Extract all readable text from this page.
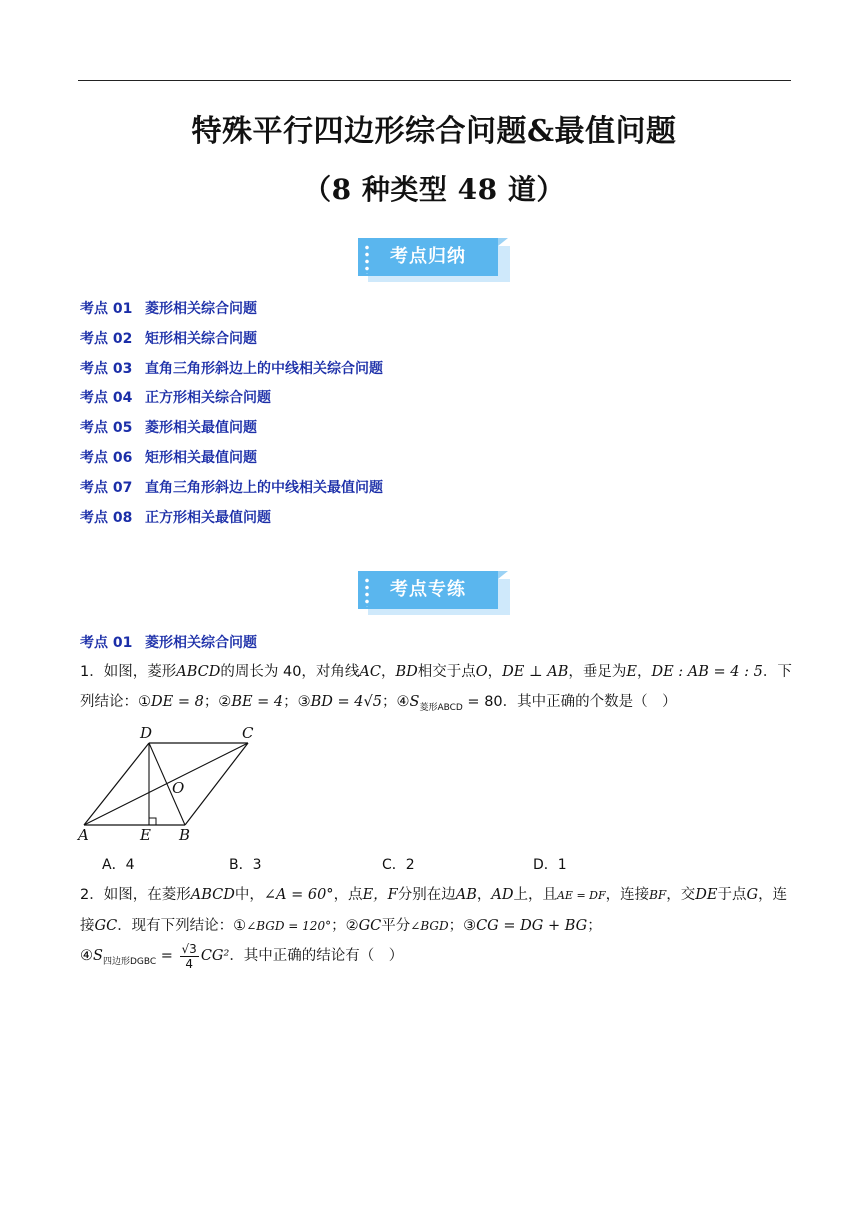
特殊平行四边形综合问题&最值问题
（8 种类型 48 道）
考点归纳
考点 01 菱形相关综合问题
考点 02 矩形相关综合问题
考点 03 直角三角形斜边上的中线相关综合问题
考点 04 正方形相关综合问题
考点 05 菱形相关最值问题
考点 06 矩形相关最值问题
考点 07 直角三角形斜边上的中线相关最值问题
考点 08 正方形相关最值问题
考点专练
考点 01 菱形相关综合问题
1．如图，菱形ABCD的周长为 40，对角线AC，BD相交于点O，DE ⊥ AB，垂足为E，DE : AB = 4 : 5．下列结论：①DE = 8；②BE = 4；③BD = 4√5；$④S_{菱形ABCD} = 80$．其中正确的个数是（　）
D	C
O
A	E B
A．4	B．3	C．2	D．1
2．如图，在菱形ABCD中，∠A = 60°，点E，F分别在边AB，AD上，且AE = DF，连接BF，交DE于点G，连接GC．现有下列结论：①∠BGD = 120°；②GC平分∠BGD；③CG = DG + BG；
$④S_{四边形DGBC} = \frac{√3}{4} CG^2$．其中正确的结论有（　）
